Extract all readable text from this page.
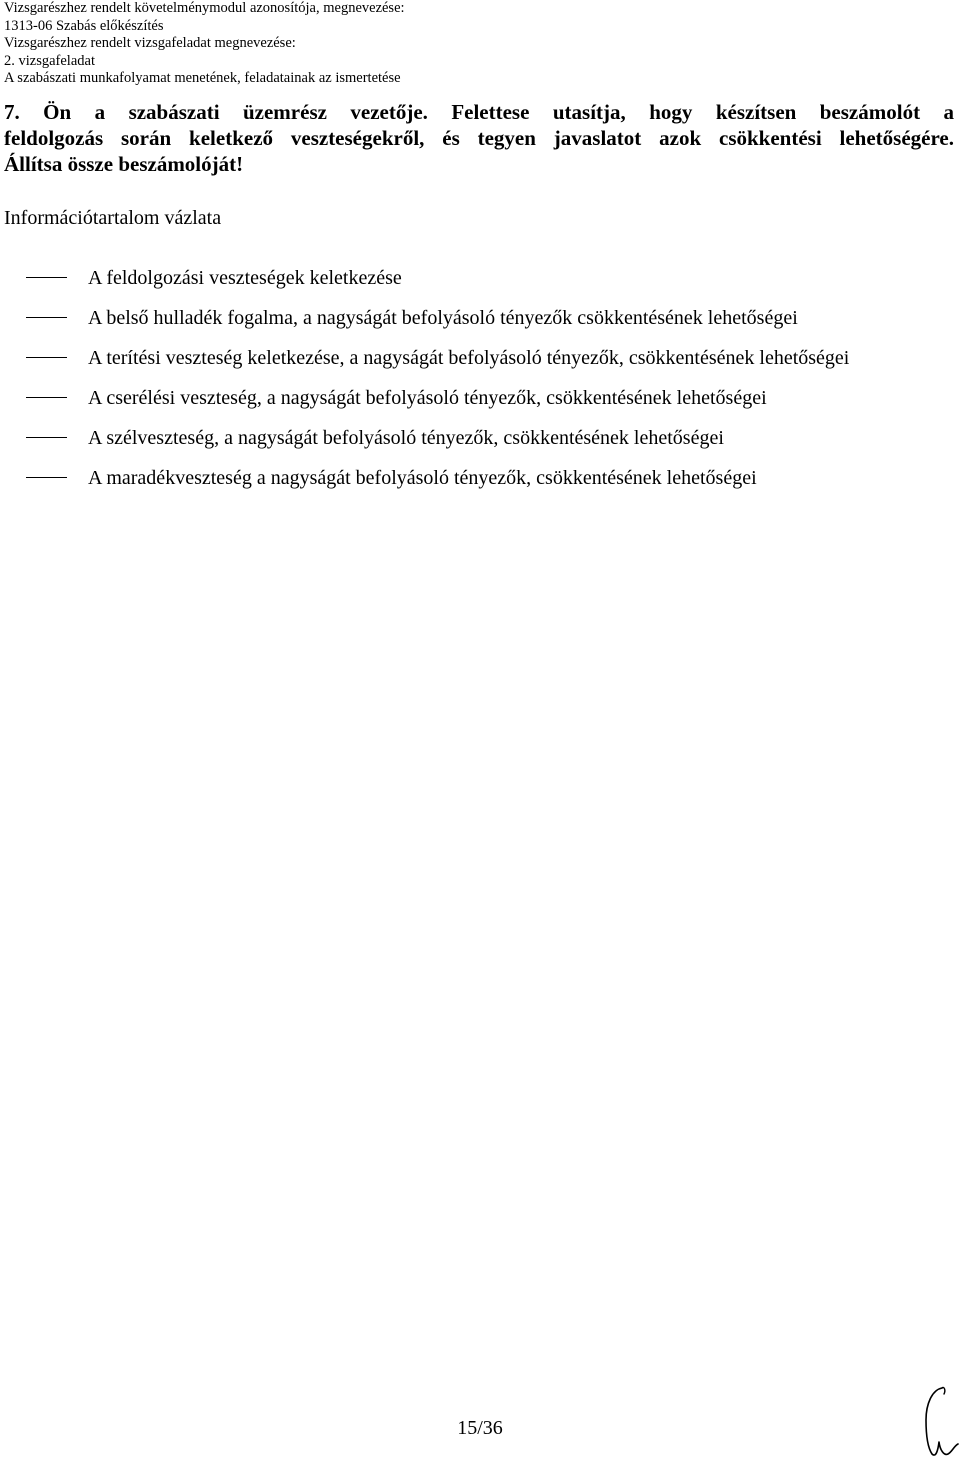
Vizsgarészhez rendelt követelménymodul azonosítója, megnevezése:
1313-06 Szabás előkészítés
Vizsgarészhez rendelt vizsgafeladat megnevezése:
2. vizsgafeladat
A szabászati munkafolyamat menetének, feladatainak az ismertetése
7. Ön a szabászati üzemrész vezetője. Felettese utasítja, hogy készítsen beszámolót a
feldolgozás során keletkező veszteségekről, és tegyen javaslatot azok csökkentési lehetőségére.
Állítsa össze beszámolóját!
Információtartalom vázlata
A feldolgozási veszteségek keletkezése
A belső hulladék fogalma, a nagyságát befolyásoló tényezők csökkentésének lehetőségei
A terítési veszteség keletkezése, a nagyságát befolyásoló tényezők, csökkentésének lehetőségei
A cserélési veszteség, a nagyságát befolyásoló tényezők, csökkentésének lehetőségei
A szélveszteség, a nagyságát befolyásoló tényezők, csökkentésének lehetőségei
A maradékveszteség a nagyságát befolyásoló tényezők, csökkentésének lehetőségei
15/36
